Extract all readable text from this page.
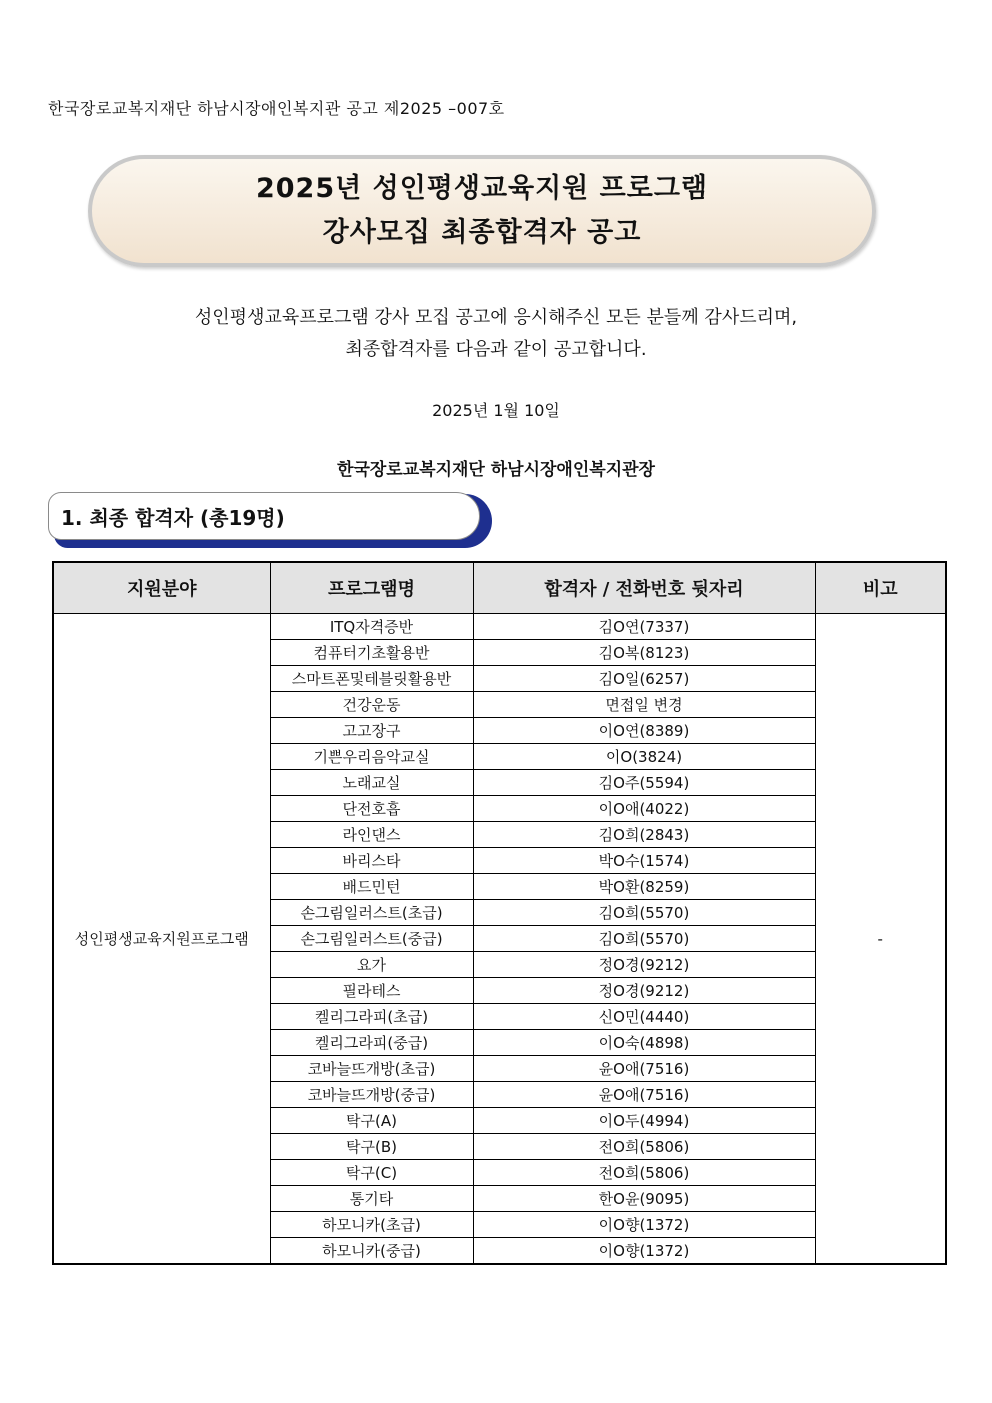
한국장로교복지재단 하남시장애인복지관 공고 제2025 –007호
2025년 성인평생교육지원 프로그램
강사모집 최종합격자 공고
성인평생교육프로그램 강사 모집 공고에 응시해주신 모든 분들께 감사드리며,
최종합격자를 다음과 같이 공고합니다.
2025년 1월 10일
한국장로교복지재단 하남시장애인복지관장
1. 최종 합격자 (총19명)
지원분야	프로그램명	합격자 / 전화번호 뒷자리	비고
성인평생교육지원프로그램	ITQ자격증반	김O연(7337)	-
	컴퓨터기초활용반	김O복(8123)	
	스마트폰및테블릿활용반	김O일(6257)	
	건강운동	면접일 변경	
	고고장구	이O연(8389)	
	기쁜우리음악교실	이O(3824)	
	노래교실	김O주(5594)	
	단전호흡	이O애(4022)	
	라인댄스	김O희(2843)	
	바리스타	박O수(1574)	
	배드민턴	박O환(8259)	
	손그림일러스트(초급)	김O희(5570)	
	손그림일러스트(중급)	김O희(5570)	
	요가	정O경(9212)	
	필라테스	정O경(9212)	
	켈리그라피(초급)	신O민(4440)	
	켈리그라피(중급)	이O숙(4898)	
	코바늘뜨개방(초급)	윤O애(7516)	
	코바늘뜨개방(중급)	윤O애(7516)	
	탁구(A)	이O두(4994)	
	탁구(B)	전O희(5806)	
	탁구(C)	전O희(5806)	
	통기타	한O윤(9095)	
	하모니카(초급)	이O향(1372)	
	하모니카(중급)	이O향(1372)	
